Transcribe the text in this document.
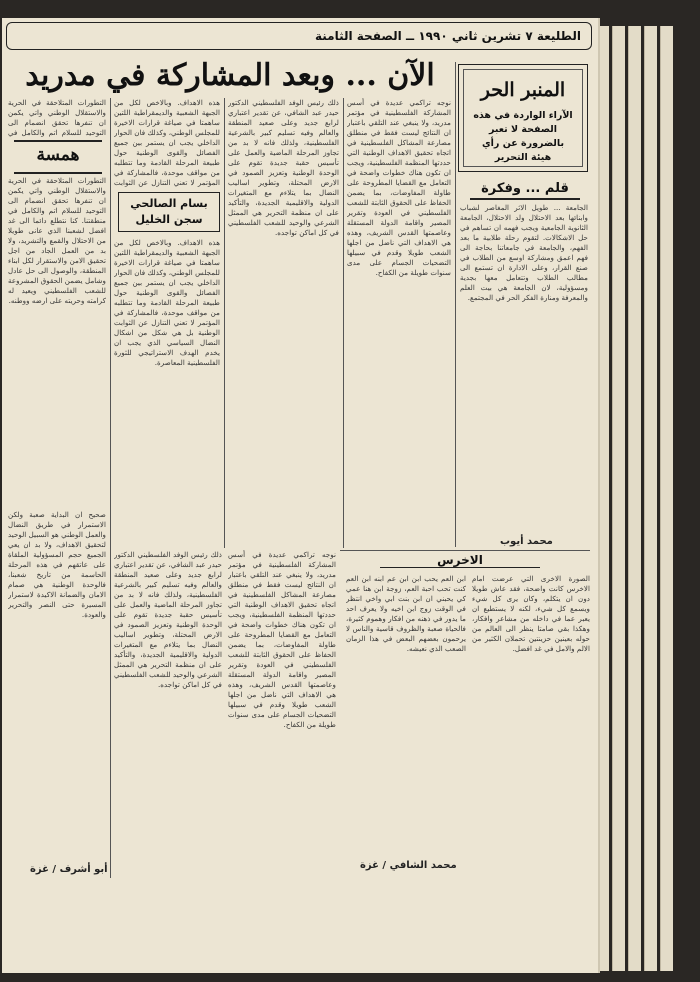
الطليعة ٧ تشرين ثاني ١٩٩٠ ــ الصفحة الثامنة
الآن ... وبعد المشاركة في مدريد	المنبر الحر
الآراء الواردة في هذه الصفحة لا تعبر بالضرورة عن رأي هيئة التحرير
قلم ... وفكرة
الجامعة ... طويل الاثر المغاصر لشباب وابنائها بعد الاحتلال ولد الاحتلال، الجامعة الثانوية الجامعية ويجب فهمه ان تساهم في حل الاشكالات. لتقوم رحلة طلابية ما بعد الفهم، والجامعة في جامعاتنا بحاجة الى فهم اعمق ومشاركة اوسع من الطلاب في صنع القرار، وعلى الادارة ان تستمع الى مطالب الطلاب وتتعامل معها بجدية ومسؤولية، لان الجامعة هي بيت العلم والمعرفة ومنارة الفكر الحر في المجتمع.
محمد أيوب
نوجه تراكمي عديدة في أسس المشاركة الفلسطينية في مؤتمر مدريد، ولا ينبغي عند التلقي باعتبار ان النتائج ليست فقط في منطلق مصارعة المشاكل الفلسطينية في اتجاه تحقيق الاهداف الوطنية التي حددتها المنظمة الفلسطينية، ويجب ان تكون هناك خطوات واضحة في التعامل مع القضايا المطروحة على طاولة المفاوضات، بما يضمن الحفاظ على الحقوق الثابتة للشعب الفلسطيني في العودة وتقرير المصير واقامة الدولة المستقلة وعاصمتها القدس الشريف، وهذه هي الاهداف التي ناضل من اجلها الشعب طويلا وقدم في سبيلها التضحيات الجسام على مدى سنوات طويلة من الكفاح.
ذلك رئيس الوفد الفلسطيني الدكتور حيدر عبد الشافي، عن تقدير اعتباري لرابع جديد وعلى صعيد المنطقة والعالم وفيه تسليم كبير بالشرعية الفلسطينية، ولذلك فانه لا بد من تجاوز المرحلة الماضية والعمل على تأسيس حقبة جديدة تقوم على الوحدة الوطنية وتعزيز الصمود في الارض المحتلة، وتطوير اساليب النضال بما يتلاءم مع المتغيرات الدولية والاقليمية الجديدة، والتأكيد على ان منظمة التحرير هي الممثل الشرعي والوحيد للشعب الفلسطيني في كل اماكن تواجده.
هذه الاهداف. وبالاخص لكل من الجبهة الشعبية والديمقراطية اللتين ساهمتا في صياغة قرارات الاخيرة للمجلس الوطني، وكذلك فان الحوار الداخلي يجب ان يستمر بين جميع الفصائل والقوى الوطنية حول طبيعة المرحلة القادمة وما تتطلبه من مواقف موحدة، فالمشاركة في المؤتمر لا تعني التنازل عن الثوابت
بسام الصالحي
سجن الخليل
هذه الاهداف. وبالاخص لكل من الجبهة الشعبية والديمقراطية اللتين ساهمتا في صياغة قرارات الاخيرة للمجلس الوطني، وكذلك فان الحوار الداخلي يجب ان يستمر بين جميع الفصائل والقوى الوطنية حول طبيعة المرحلة القادمة وما تتطلبه من مواقف موحدة، فالمشاركة في المؤتمر لا تعني التنازل عن الثوابت الوطنية بل هي شكل من اشكال النضال السياسي الذي يجب ان يخدم الهدف الاستراتيجي للثورة الفلسطينية المعاصرة.
التطورات المتلاحقة في الحرية والاستقلال الوطني واتي يكمن ان تنفرها تحقق انضمام الى التوحيد للسلام اتم والكامل في
همسة
التطورات المتلاحقة في الحرية والاستقلال الوطني واتي يكمن ان تنفرها تحقق انضمام الى التوحيد للسلام اتم والكامل في منطقتنا. كنا نتطلع دائما الى غد افضل لشعبنا الذي عانى طويلا من الاحتلال والقمع والتشريد، ولا بد من العمل الجاد من اجل تحقيق الامن والاستقرار لكل ابناء المنطقة، والوصول الى حل عادل وشامل يضمن الحقوق المشروعة للشعب الفلسطيني ويعيد له كرامته وحريته على ارضه ووطنه.
صحيح ان البداية صعبة ولكن الاستمرار في طريق النضال والعمل الوطني هو السبيل الوحيد لتحقيق الاهداف، ولا بد ان يعي الجميع حجم المسؤولية الملقاة على عاتقهم في هذه المرحلة الحاسمة من تاريخ شعبنا، فالوحدة الوطنية هي صمام الامان والضمانة الاكيدة لاستمرار المسيرة حتى النصر والتحرير والعودة.
أبو أشرف / غزة
ذلك رئيس الوفد الفلسطيني الدكتور حيدر عبد الشافي، عن تقدير اعتباري لرابع جديد وعلى صعيد المنطقة والعالم وفيه تسليم كبير بالشرعية الفلسطينية، ولذلك فانه لا بد من تجاوز المرحلة الماضية والعمل على تأسيس حقبة جديدة تقوم على الوحدة الوطنية وتعزيز الصمود في الارض المحتلة، وتطوير اساليب النضال بما يتلاءم مع المتغيرات الدولية والاقليمية الجديدة، والتأكيد على ان منظمة التحرير هي الممثل الشرعي والوحيد للشعب الفلسطيني في كل اماكن تواجده.
نوجه تراكمي عديدة في أسس المشاركة الفلسطينية في مؤتمر مدريد، ولا ينبغي عند التلقي باعتبار ان النتائج ليست فقط في منطلق مصارعة المشاكل الفلسطينية في اتجاه تحقيق الاهداف الوطنية التي حددتها المنظمة الفلسطينية، ويجب ان تكون هناك خطوات واضحة في التعامل مع القضايا المطروحة على طاولة المفاوضات، بما يضمن الحفاظ على الحقوق الثابتة للشعب الفلسطيني في العودة وتقرير المصير واقامة الدولة المستقلة وعاصمتها القدس الشريف، وهذه هي الاهداف التي ناضل من اجلها الشعب طويلا وقدم في سبيلها التضحيات الجسام على مدى سنوات طويلة من الكفاح.
الاخرس
ابن العم يحب ابن ابن عم ابنه ابن العم كنت تحب احبة العم، زوجة ابن هنا عمي كي يحبني ان ابن بنت ابي واخي انتظر في الوقت زوج ابن اخيه ولا يعرف احد ما يدور في ذهنه من افكار وهموم كثيرة، فالحياة صعبة والظروف قاسية والناس لا يرحمون بعضهم البعض في هذا الزمان الصعب الذي نعيشه.
الصورة الاخرى التي عرضت امام الاخرس كانت واضحة، فقد عاش طويلا دون ان يتكلم، وكان يرى كل شيء ويسمع كل شيء، لكنه لا يستطيع ان يعبر عما في داخله من مشاعر وافكار، وهكذا بقي صامتا ينظر الى العالم من حوله بعينين حزينتين تحملان الكثير من الالم والامل في غد افضل.
محمد الشافي / غزة
